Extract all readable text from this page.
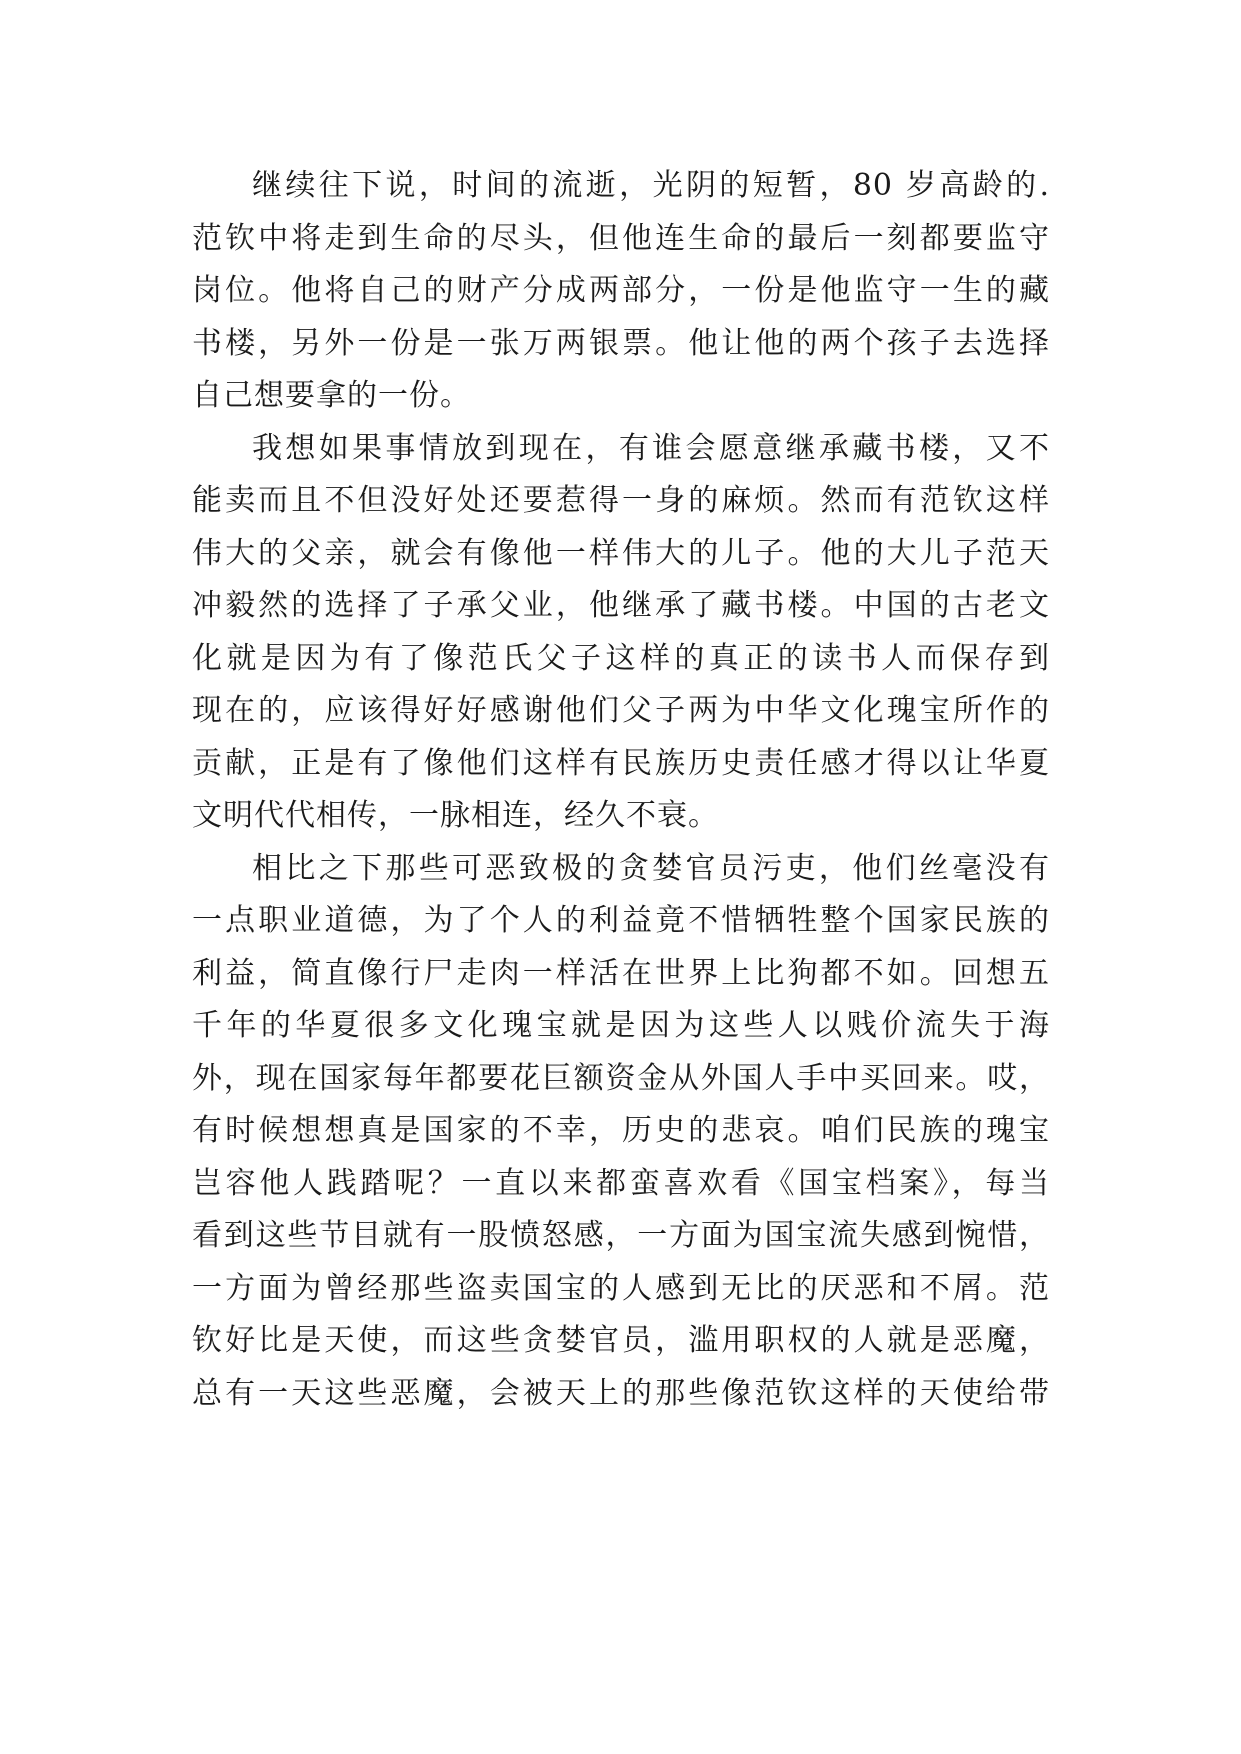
继续往下说，时间的流逝，光阴的短暂，80 岁高龄的.
范钦中将走到生命的尽头，但他连生命的最后一刻都要监守
岗位。他将自己的财产分成两部分，一份是他监守一生的藏
书楼，另外一份是一张万两银票。他让他的两个孩子去选择
自己想要拿的一份。
我想如果事情放到现在，有谁会愿意继承藏书楼，又不
能卖而且不但没好处还要惹得一身的麻烦。然而有范钦这样
伟大的父亲，就会有像他一样伟大的儿子。他的大儿子范天
冲毅然的选择了子承父业，他继承了藏书楼。中国的古老文
化就是因为有了像范氏父子这样的真正的读书人而保存到
现在的，应该得好好感谢他们父子两为中华文化瑰宝所作的
贡献，正是有了像他们这样有民族历史责任感才得以让华夏
文明代代相传，一脉相连，经久不衰。
相比之下那些可恶致极的贪婪官员污吏，他们丝毫没有
一点职业道德，为了个人的利益竟不惜牺牲整个国家民族的
利益，简直像行尸走肉一样活在世界上比狗都不如。回想五
千年的华夏很多文化瑰宝就是因为这些人以贱价流失于海
外，现在国家每年都要花巨额资金从外国人手中买回来。哎，
有时候想想真是国家的不幸，历史的悲哀。咱们民族的瑰宝
岂容他人践踏呢？一直以来都蛮喜欢看《国宝档案》，每当
看到这些节目就有一股愤怒感，一方面为国宝流失感到惋惜，
一方面为曾经那些盗卖国宝的人感到无比的厌恶和不屑。范
钦好比是天使，而这些贪婪官员，滥用职权的人就是恶魔，
总有一天这些恶魔，会被天上的那些像范钦这样的天使给带
